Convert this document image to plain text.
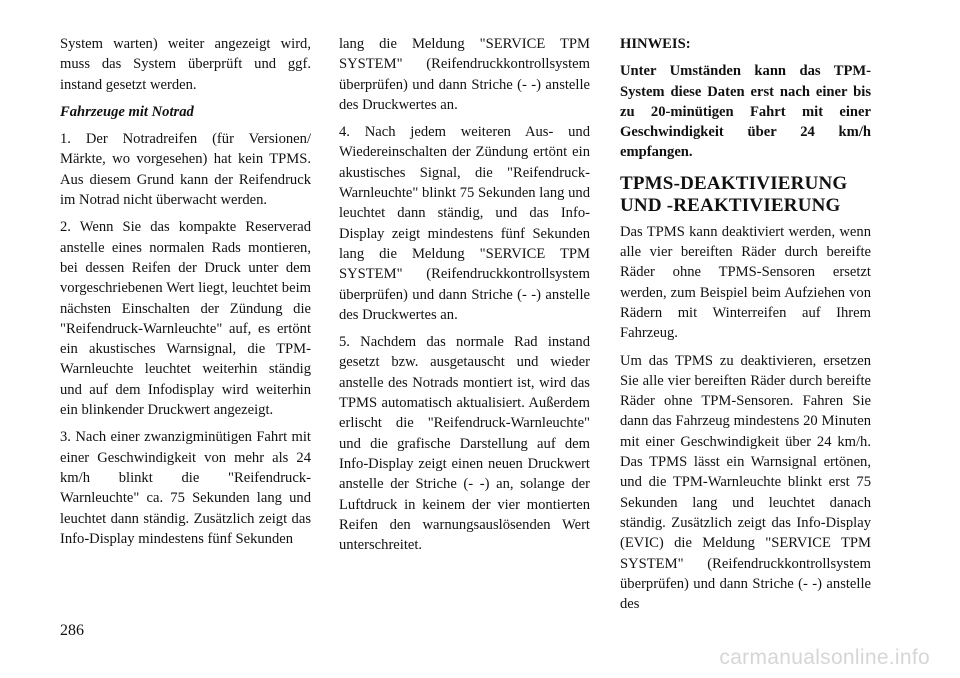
System warten) weiter angezeigt wird, muss das System überprüft und ggf. instand gesetzt werden.

Fahrzeuge mit Notrad

1. Der Notradreifen (für Versionen/ Märkte, wo vorgesehen) hat kein TPMS. Aus diesem Grund kann der Reifendruck im Notrad nicht überwacht werden.

2. Wenn Sie das kompakte Reserverad anstelle eines normalen Rads montieren, bei dessen Reifen der Druck unter dem vorgeschriebenen Wert liegt, leuchtet beim nächsten Einschalten der Zündung die "Reifendruck-Warnleuchte" auf, es ertönt ein akustisches Warnsignal, die TPM-Warnleuchte leuchtet weiterhin ständig und auf dem Infodisplay wird weiterhin ein blinkender Druckwert angezeigt.

3. Nach einer zwanzigminütigen Fahrt mit einer Geschwindigkeit von mehr als 24 km/h blinkt die "Reifendruck-Warnleuchte" ca. 75 Sekunden lang und leuchtet dann ständig. Zusätzlich zeigt das Info-Display mindestens fünf Sekunden

lang die Meldung "SERVICE TPM SYSTEM" (Reifendruckkontrollsystem überprüfen) und dann Striche (- -) anstelle des Druckwertes an.

4. Nach jedem weiteren Aus- und Wiedereinschalten der Zündung ertönt ein akustisches Signal, die "Reifendruck-Warnleuchte" blinkt 75 Sekunden lang und leuchtet dann ständig, und das Info-Display zeigt mindestens fünf Sekunden lang die Meldung "SERVICE TPM SYSTEM" (Reifendruckkontrollsystem überprüfen) und dann Striche (- -) anstelle des Druckwertes an.

5. Nachdem das normale Rad instand gesetzt bzw. ausgetauscht und wieder anstelle des Notrads montiert ist, wird das TPMS automatisch aktualisiert. Außerdem erlischt die "Reifendruck-Warnleuchte" und die grafische Darstellung auf dem Info-Display zeigt einen neuen Druckwert anstelle der Striche (- -) an, solange der Luftdruck in keinem der vier montierten Reifen den warnungsauslösenden Wert unterschreitet.

HINWEIS:

Unter Umständen kann das TPM-System diese Daten erst nach einer bis zu 20-minütigen Fahrt mit einer Geschwindigkeit über 24 km/h empfangen.

TPMS-DEAKTIVIERUNG UND -REAKTIVIERUNG

Das TPMS kann deaktiviert werden, wenn alle vier bereiften Räder durch bereifte Räder ohne TPMS-Sensoren ersetzt werden, zum Beispiel beim Aufziehen von Rädern mit Winterreifen auf Ihrem Fahrzeug.

Um das TPMS zu deaktivieren, ersetzen Sie alle vier bereiften Räder durch bereifte Räder ohne TPM-Sensoren. Fahren Sie dann das Fahrzeug mindestens 20 Minuten mit einer Geschwindigkeit über 24 km/h. Das TPMS lässt ein Warnsignal ertönen, und die TPM-Warnleuchte blinkt erst 75 Sekunden lang und leuchtet danach ständig. Zusätzlich zeigt das Info-Display (EVIC) die Meldung "SERVICE TPM SYSTEM" (Reifendruckkontrollsystem überprüfen) und dann Striche (- -) anstelle des

286
carmanualsonline.info
